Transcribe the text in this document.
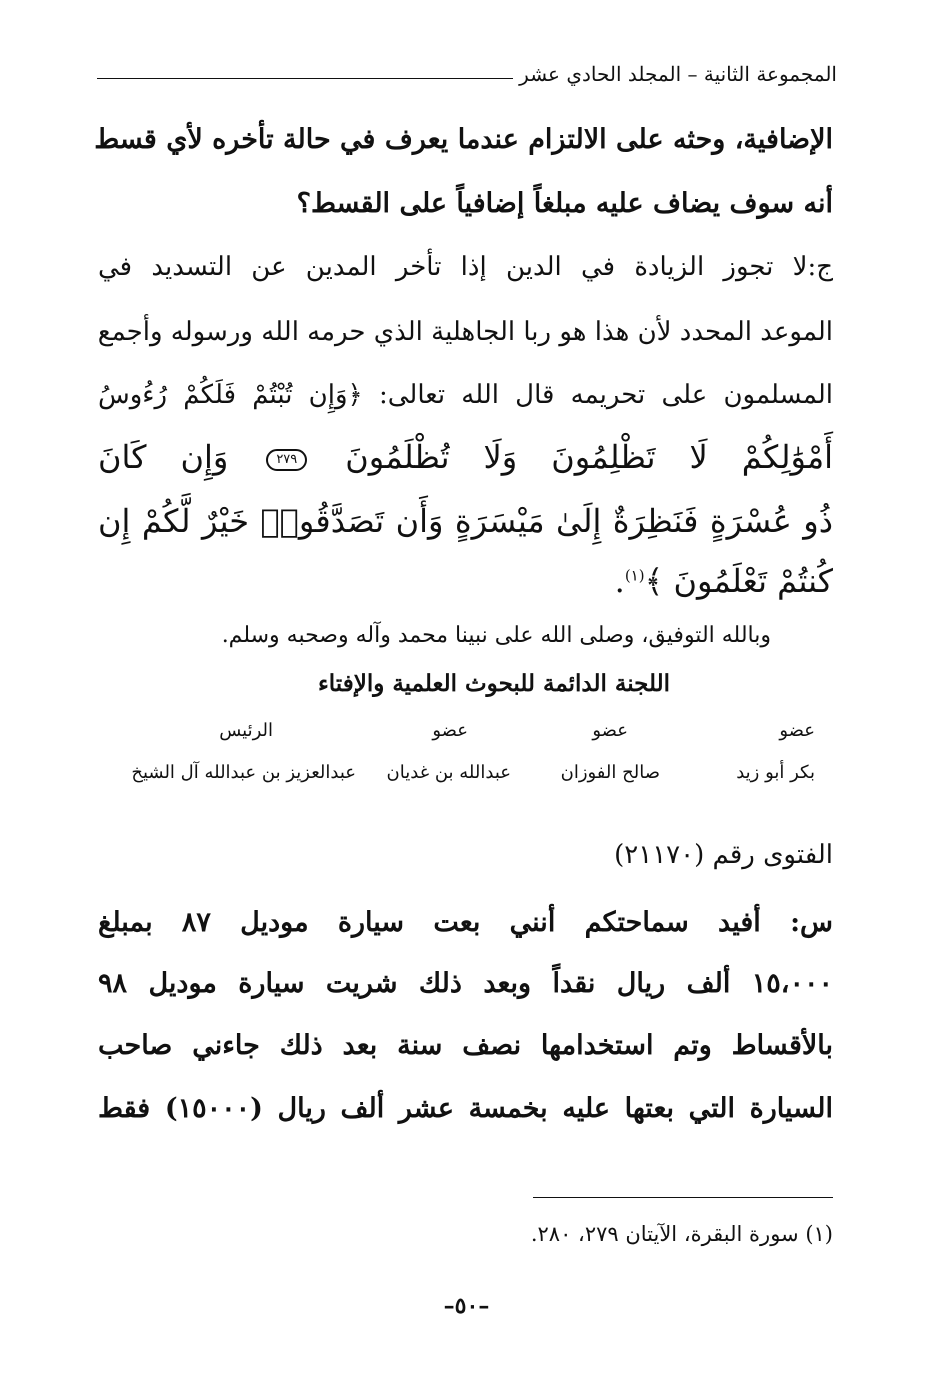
المجموعة الثانية – المجلد الحادي عشر
الإضافية، وحثه على الالتزام عندما يعرف في حالة تأخره لأي قسط
أنه سوف يضاف عليه مبلغاً إضافياً على القسط؟
ج:لا تجوز الزيادة في الدين إذا تأخر المدين عن التسديد في
الموعد المحدد لأن هذا هو ربا الجاهلية الذي حرمه الله ورسوله وأجمع
المسلمون على تحريمه قال الله تعالى: ﴿وَإِن تُبْتُمْ فَلَكُمْ رُءُوسُ
أَمْوَٰلِكُمْ لَا تَظْلِمُونَ وَلَا تُظْلَمُونَ ٢٧٩ وَإِن كَانَ
ذُو عُسْرَةٍ فَنَظِرَةٌ إِلَىٰ مَيْسَرَةٍ وَأَن تَصَدَّقُوا۟ خَيْرٌ لَّكُمْ إِن
كُنتُمْ تَعْلَمُونَ ﴾$^{(١)}$.
وبالله التوفيق، وصلى الله على نبينا محمد وآله وصحبه وسلم.
اللجنة الدائمة للبحوث العلمية والإفتاء
عضو
عضو
عضو
الرئيس
بكر أبو زيد
صالح الفوزان
عبدالله بن غديان
عبدالعزيز بن عبدالله آل الشيخ
الفتوى رقم (٢١١٧٠)
س: أفيد سماحتكم أنني بعت سيارة موديل ٨٧ بمبلغ
١٥،٠٠٠ ألف ريال نقداً وبعد ذلك شريت سيارة موديل ٩٨
بالأقساط وتم استخدامها نصف سنة بعد ذلك جاءني صاحب
السيارة التي بعتها عليه بخمسة عشر ألف ريال (١٥٠٠٠) فقط
(١) سورة البقرة، الآيتان ٢٧٩، ٢٨٠.
–٥٠–
